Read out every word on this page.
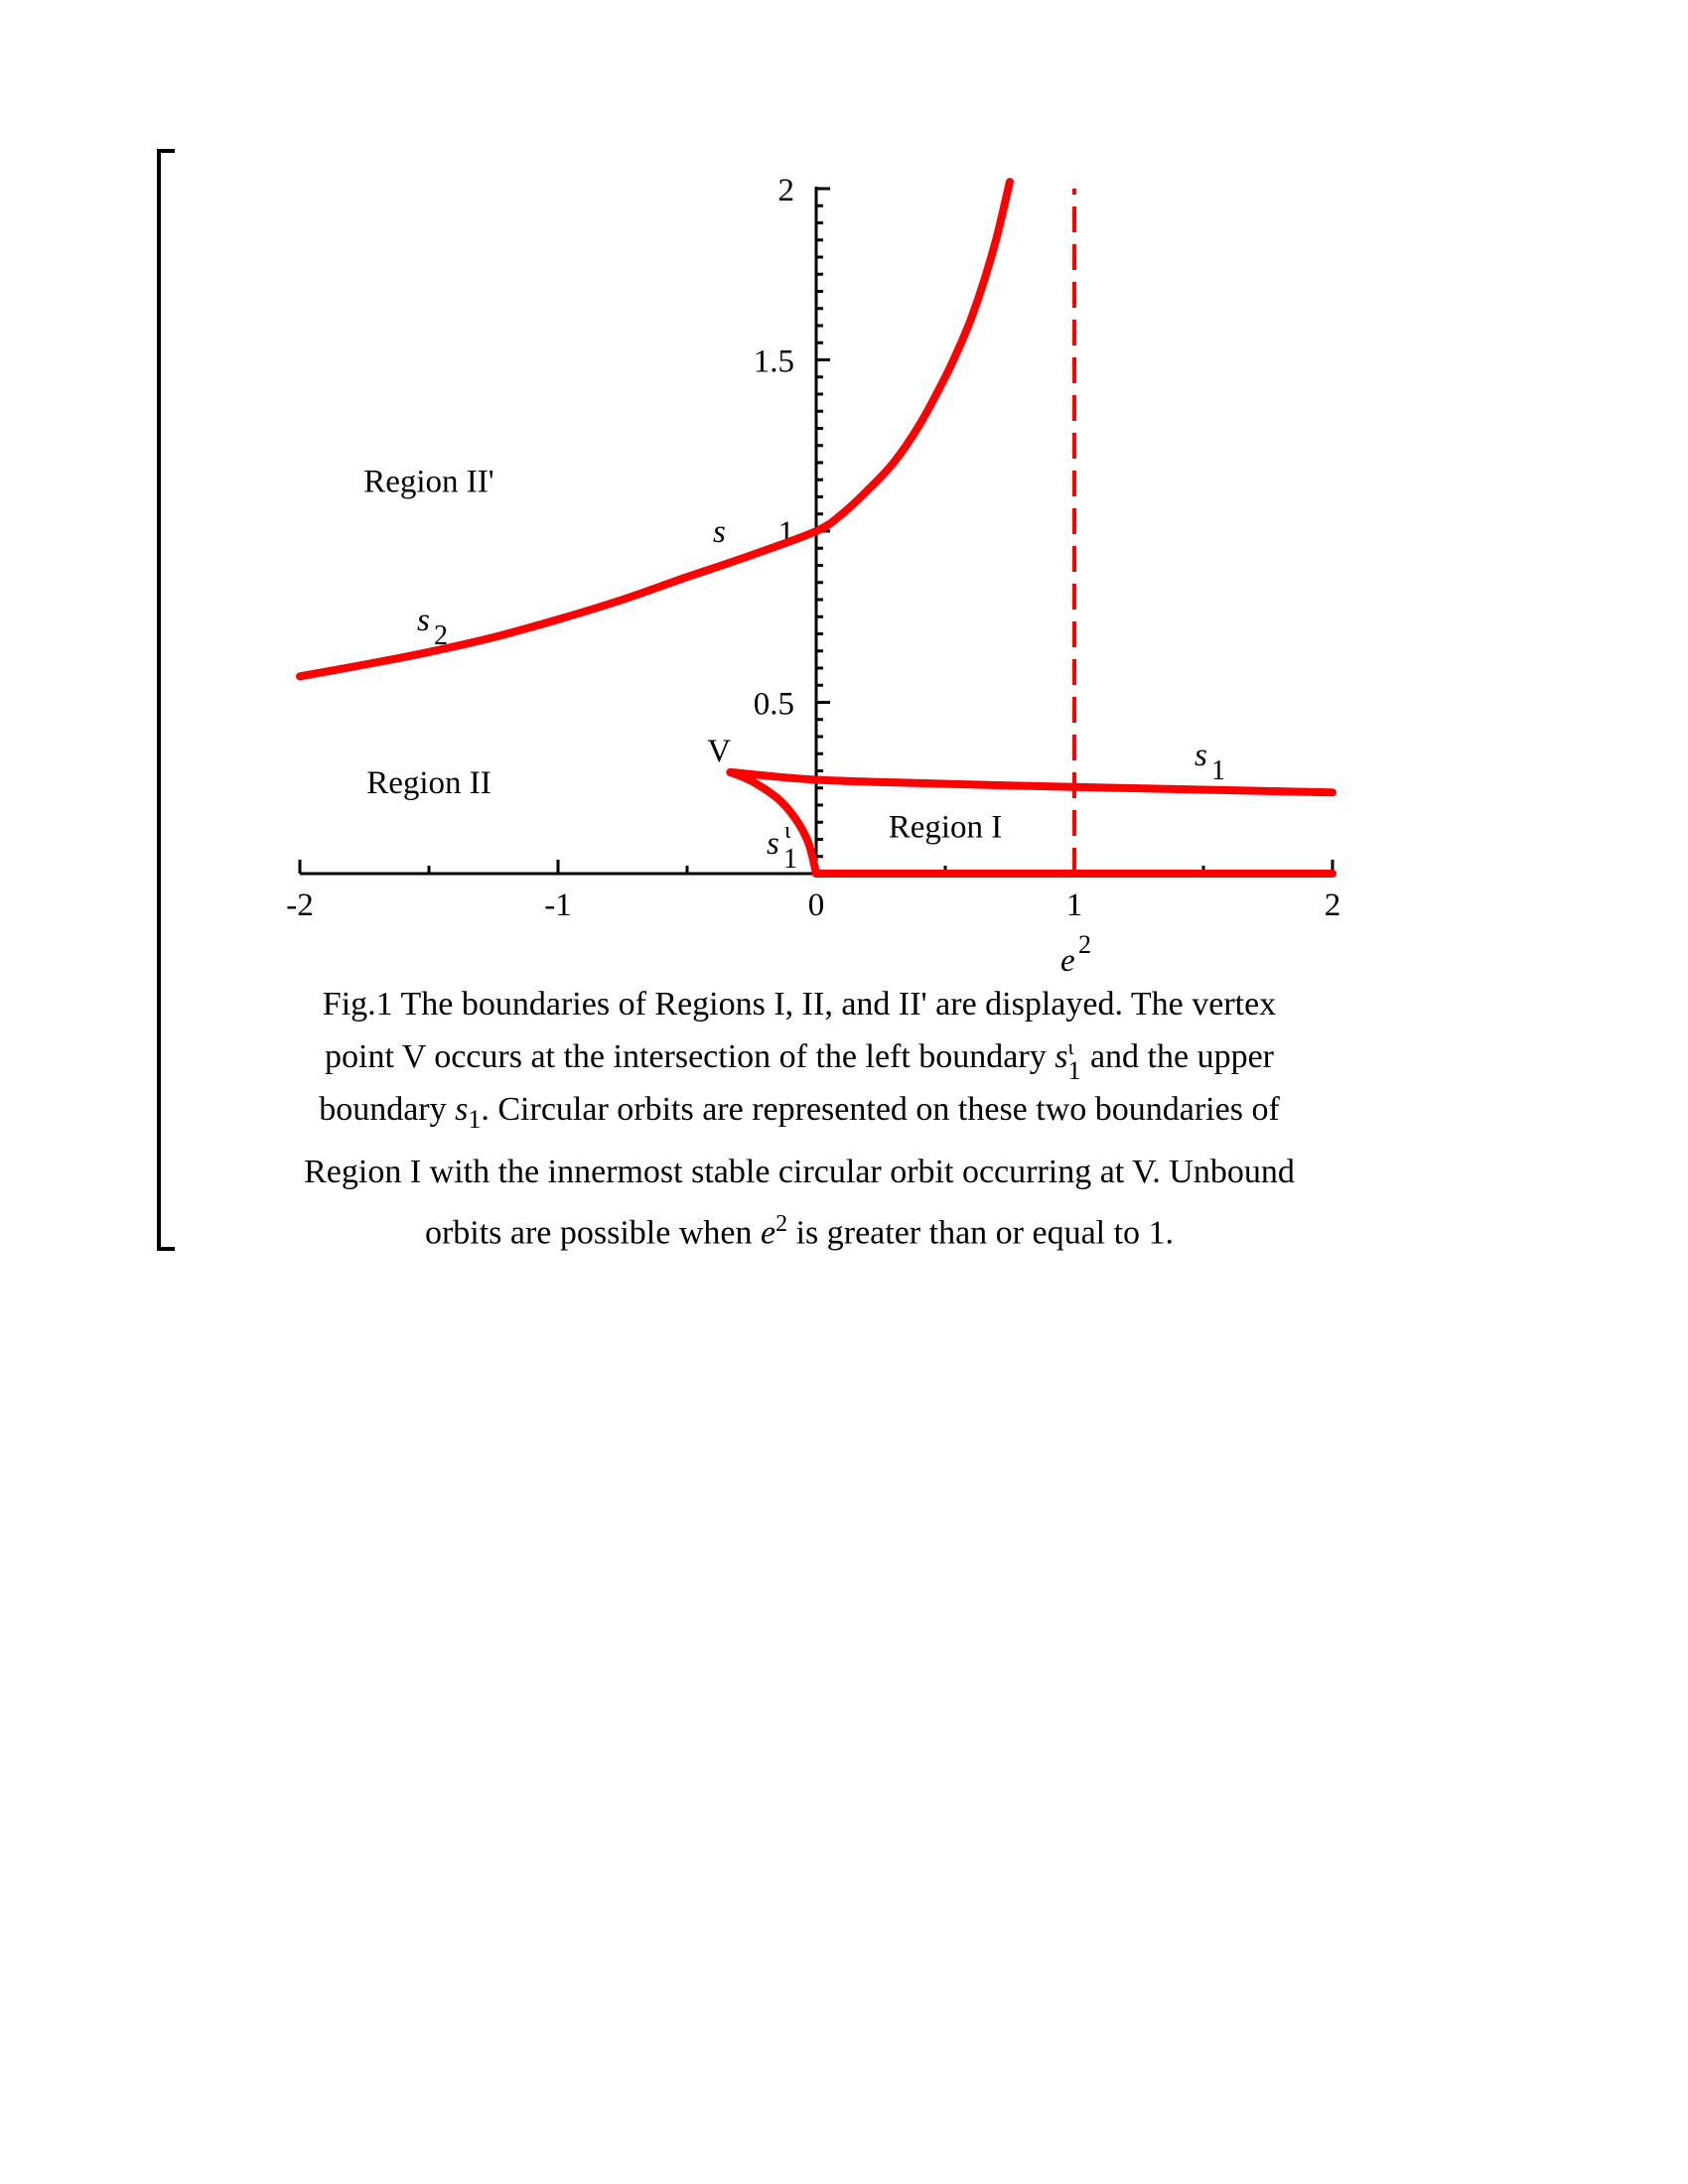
-2	-1	0	1	2
0.5
1
1.5
2
s 2
s 1
s 1
ι
s
e 2
Region II'
Region II
Region I
V
Fig.1 The boundaries of Regions I, II, and II' are displayed. The vertex
point V occurs at the intersection of the left boundary s ι
1 and the upper
boundary $s_1$. Circular orbits are represented on these two boundaries of
Region I with the innermost stable circular orbit occurring at V. Unbound
orbits are possible when $e^2$ is greater than or equal to 1.
